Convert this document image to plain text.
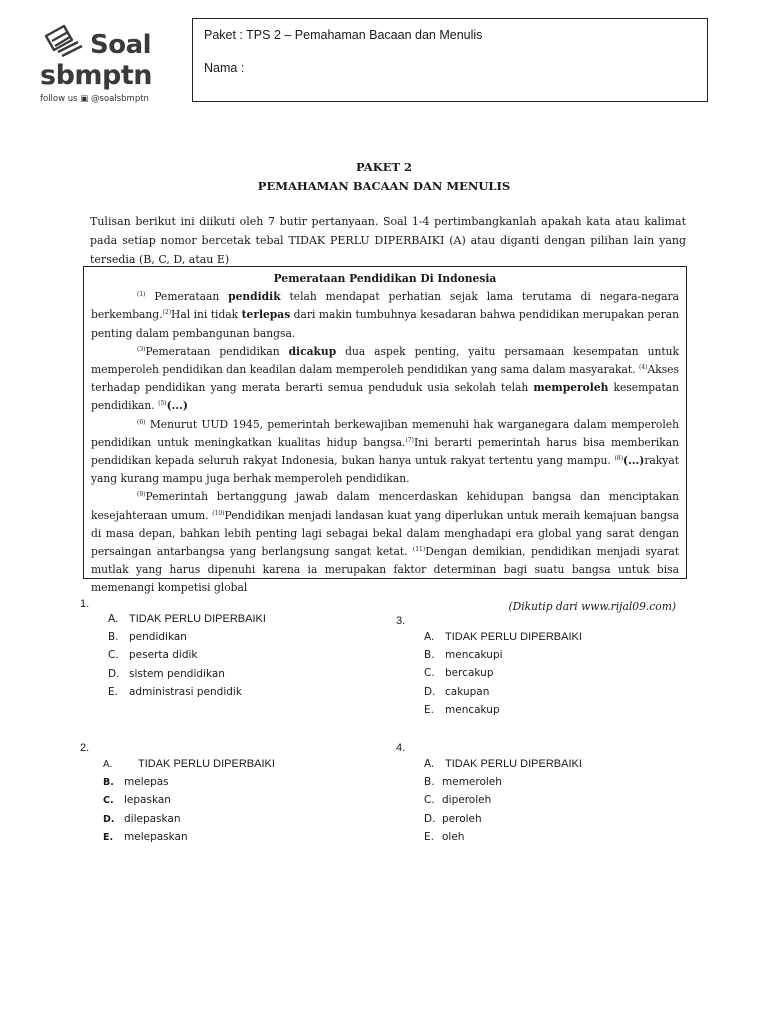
Soal
sbmptn
follow us ▣ @soalsbmptn
Paket : TPS 2 – Pemahaman Bacaan dan Menulis
Nama :
PAKET 2
PEMAHAMAN BACAAN DAN MENULIS
Tulisan berikut ini diikuti oleh 7 butir pertanyaan. Soal 1-4 pertimbangkanlah apakah kata atau kalimat pada setiap nomor bercetak tebal TIDAK PERLU DIPERBAIKI (A) atau diganti dengan pilihan lain yang tersedia (B, C, D, atau E)
Pemerataan Pendidikan Di Indonesia

$^{(1)}$ Pemerataan pendidik telah mendapat perhatian sejak lama terutama di negara-negara berkembang.$^{(2)}$Hal ini tidak terlepas dari makin tumbuhnya kesadaran bahwa pendidikan merupakan peran penting dalam pembangunan bangsa.

$^{(3)}$Pemerataan pendidikan dicakup dua aspek penting, yaitu persamaan kesempatan untuk memperoleh pendidikan dan keadilan dalam memperoleh pendidikan yang sama dalam masyarakat. $^{(4)}$Akses terhadap pendidikan yang merata berarti semua penduduk usia sekolah telah memperoleh kesempatan pendidikan. $^{(5)}$(...)

$^{(6)}$ Menurut UUD 1945, pemerintah berkewajiban memenuhi hak warganegara dalam memperoleh pendidikan untuk meningkatkan kualitas hidup bangsa.$^{(7)}$Ini berarti pemerintah harus bisa memberikan pendidikan kepada seluruh rakyat Indonesia, bukan hanya untuk rakyat tertentu yang mampu. $^{(8)}$(...)rakyat yang kurang mampu juga berhak memperoleh pendidikan.

$^{(9)}$Pemerintah bertanggung jawab dalam mencerdaskan kehidupan bangsa dan menciptakan kesejahteraan umum. $^{(10)}$Pendidikan menjadi landasan kuat yang diperlukan untuk meraih kemajuan bangsa di masa depan, bahkan lebih penting lagi sebagai bekal dalam menghadapi era global yang sarat dengan persaingan antarbangsa yang berlangsung sangat ketat. $^{(11)}$Dengan demikian, pendidikan menjadi syarat mutlak yang harus dipenuhi karena ia merupakan faktor determinan bagi suatu bangsa untuk bisa memenangi kompetisi global

(Dikutip dari www.rijal09.com)
1.
A. TIDAK PERLU DIPERBAIKI
B. pendidikan
C. peserta didik
D. sistem pendidikan
E. administrasi pendidik
3.
A. TIDAK PERLU DIPERBAIKI
B. mencakupi
C. bercakup
D. cakupan
E. mencakup
2.
A. TIDAK PERLU DIPERBAIKI
B. melepas
C. lepaskan
D. dilepaskan
E. melepaskan
4.
A. TIDAK PERLU DIPERBAIKI
B. memeroleh
C. diperoleh
D. peroleh
E. oleh
